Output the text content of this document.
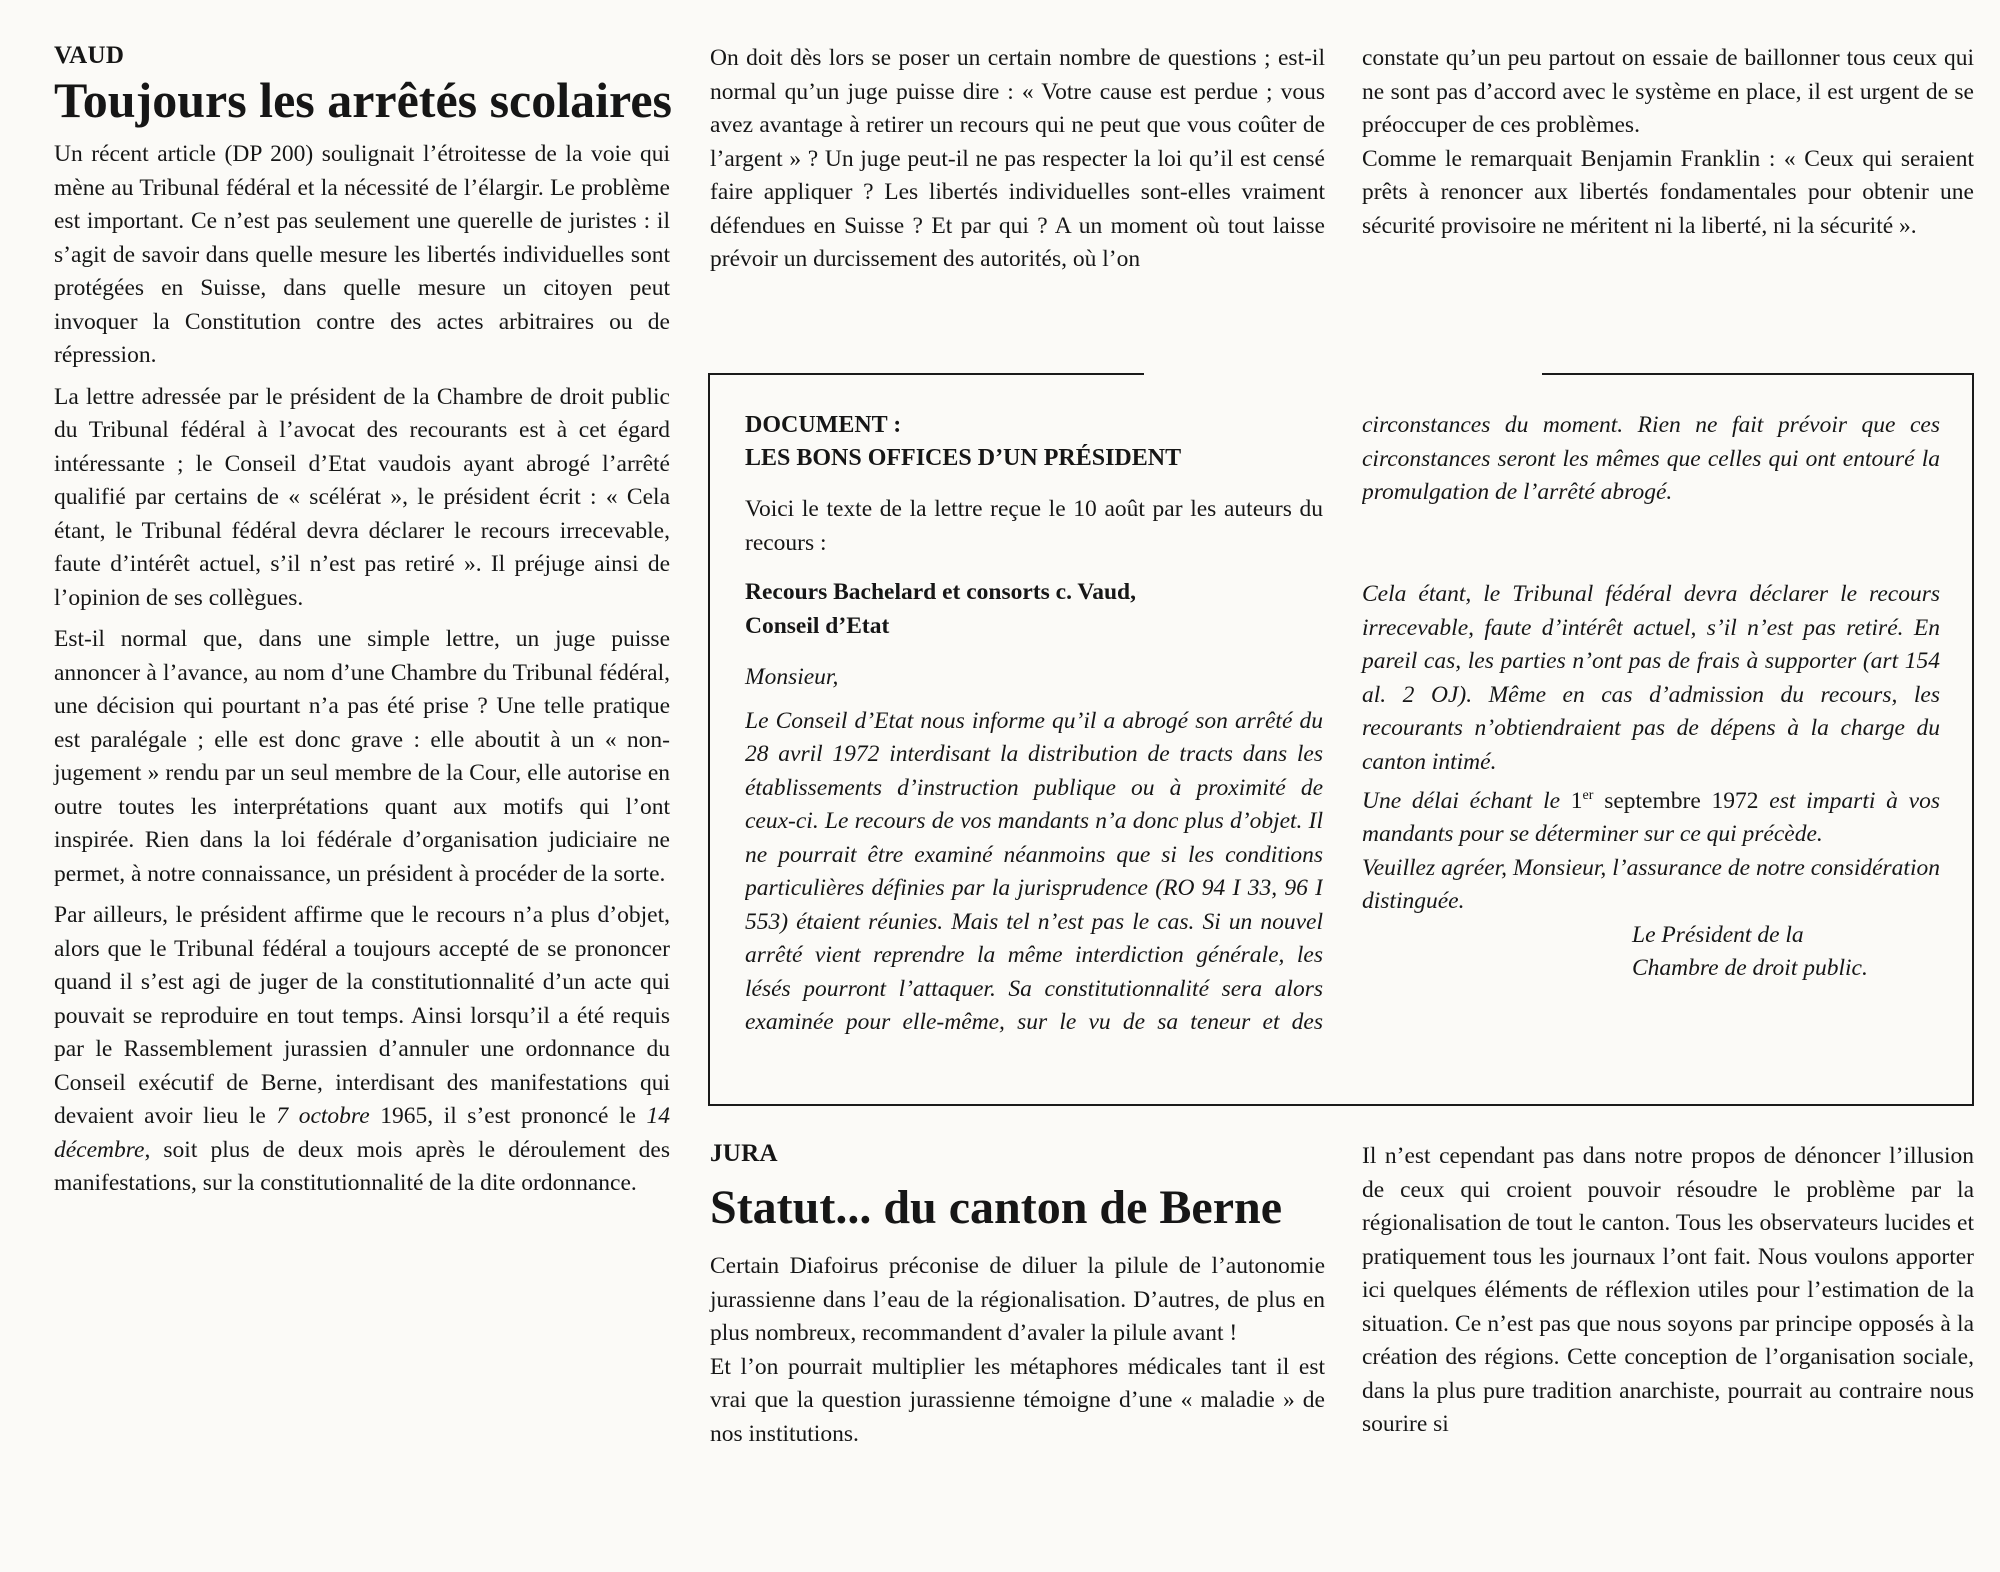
VAUD
Toujours les arrêtés scolaires

Un récent article (DP 200) soulignait l’étroitesse de la voie qui mène au Tribunal fédéral et la nécessité de l’élargir. Le problème est important. Ce n’est pas seulement une querelle de juristes : il s’agit de savoir dans quelle mesure les libertés individuelles sont protégées en Suisse, dans quelle mesure un citoyen peut invoquer la Constitution contre des actes arbitraires ou de répression.

La lettre adressée par le président de la Chambre de droit public du Tribunal fédéral à l’avocat des recourants est à cet égard intéressante ; le Conseil d’Etat vaudois ayant abrogé l’arrêté qualifié par certains de « scélérat », le président écrit : « Cela étant, le Tribunal fédéral devra déclarer le recours irrecevable, faute d’intérêt actuel, s’il n’est pas retiré ». Il préjuge ainsi de l’opinion de ses collègues.

Est-il normal que, dans une simple lettre, un juge puisse annoncer à l’avance, au nom d’une Chambre du Tribunal fédéral, une décision qui pourtant n’a pas été prise ? Une telle pratique est paralégale ; elle est donc grave : elle aboutit à un « non-jugement » rendu par un seul membre de la Cour, elle autorise en outre toutes les interprétations quant aux motifs qui l’ont inspirée. Rien dans la loi fédérale d’organisation judiciaire ne permet, à notre connaissance, un président à procéder de la sorte.

Par ailleurs, le président affirme que le recours n’a plus d’objet, alors que le Tribunal fédéral a toujours accepté de se prononcer quand il s’est agi de juger de la constitutionnalité d’un acte qui pouvait se reproduire en tout temps. Ainsi lorsqu’il a été requis par le Rassemblement jurassien d’annuler une ordonnance du Conseil exécutif de Berne, interdisant des manifestations qui devaient avoir lieu le 7 octobre 1965, il s’est prononcé le 14 décembre, soit plus de deux mois après le déroulement des manifestations, sur la constitutionnalité de la dite ordonnance.

On doit dès lors se poser un certain nombre de questions ; est-il normal qu’un juge puisse dire : « Votre cause est perdue ; vous avez avantage à retirer un recours qui ne peut que vous coûter de l’argent » ? Un juge peut-il ne pas respecter la loi qu’il est censé faire appliquer ? Les libertés individuelles sont-elles vraiment défendues en Suisse ? Et par qui ? A un moment où tout laisse prévoir un durcissement des autorités, où l’on

constate qu’un peu partout on essaie de baillonner tous ceux qui ne sont pas d’accord avec le système en place, il est urgent de se préoccuper de ces problèmes.

Comme le remarquait Benjamin Franklin : « Ceux qui seraient prêts à renoncer aux libertés fondamentales pour obtenir une sécurité provisoire ne méritent ni la liberté, ni la sécurité ».

DOCUMENT :
LES BONS OFFICES D’UN PRÉSIDENT
Voici le texte de la lettre reçue le 10 août par les auteurs du recours :
Recours Bachelard et consorts c. Vaud,
Conseil d’Etat
Monsieur,
Le Conseil d’Etat nous informe qu’il a abrogé son arrêté du 28 avril 1972 interdisant la distribution de tracts dans les établissements d’instruction publique ou à proximité de ceux-ci. Le recours de vos mandants n’a donc plus d’objet. Il ne pourrait être examiné néanmoins que si les conditions particulières définies par la jurisprudence (RO 94 I 33, 96 I 553) étaient réunies. Mais tel n’est pas le cas. Si un nouvel arrêté vient reprendre la même interdiction générale, les lésés pourront l’attaquer. Sa constitutionnalité sera alors examinée pour elle-même, sur le vu de sa teneur et des
circonstances du moment. Rien ne fait prévoir que ces circonstances seront les mêmes que celles qui ont entouré la promulgation de l’arrêté abrogé.
Cela étant, le Tribunal fédéral devra déclarer le recours irrecevable, faute d’intérêt actuel, s’il n’est pas retiré. En pareil cas, les parties n’ont pas de frais à supporter (art 154 al. 2 OJ). Même en cas d’admission du recours, les recourants n’obtiendraient pas de dépens à la charge du canton intimé.
Une délai échant le 1er septembre 1972 est imparti à vos mandants pour se déterminer sur ce qui précède.
Veuillez agréer, Monsieur, l’assurance de notre considération distinguée.
Le Président de la
Chambre de droit public.
JURA
Statut... du canton de Berne

Certain Diafoirus préconise de diluer la pilule de l’autonomie jurassienne dans l’eau de la régionalisation. D’autres, de plus en plus nombreux, recommandent d’avaler la pilule avant !

Et l’on pourrait multiplier les métaphores médicales tant il est vrai que la question jurassienne témoigne d’une « maladie » de nos institutions.

Il n’est cependant pas dans notre propos de dénoncer l’illusion de ceux qui croient pouvoir résoudre le problème par la régionalisation de tout le canton. Tous les observateurs lucides et pratiquement tous les journaux l’ont fait. Nous voulons apporter ici quelques éléments de réflexion utiles pour l’estimation de la situation. Ce n’est pas que nous soyons par principe opposés à la création des régions. Cette conception de l’organisation sociale, dans la plus pure tradition anarchiste, pourrait au contraire nous sourire si
